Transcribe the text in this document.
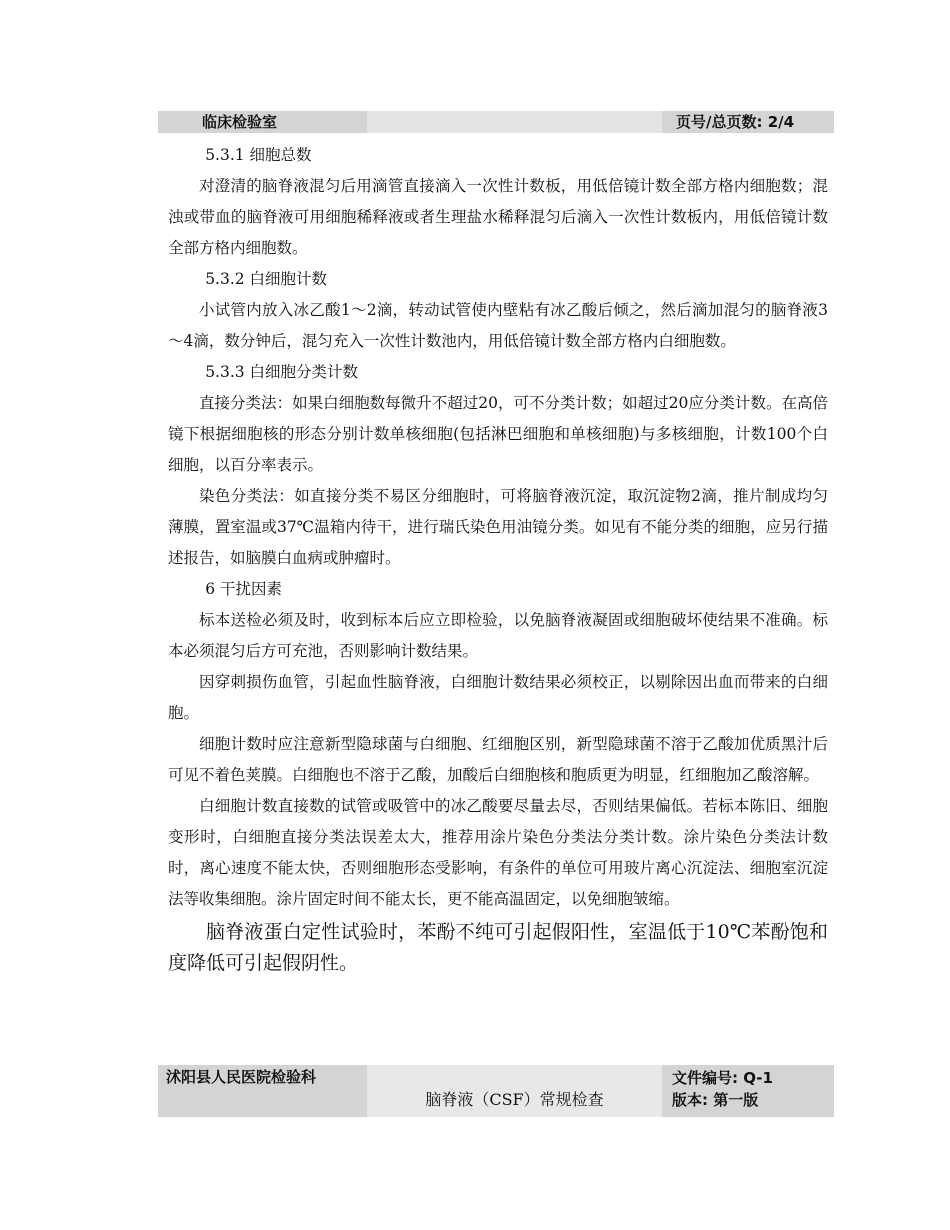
临床检验室	页号/总页数: 2/4

5.3.1 细胞总数

对澄清的脑脊液混匀后用滴管直接滴入一次性计数板，用低倍镜计数全部方格内细胞数；混浊或带血的脑脊液可用细胞稀释液或者生理盐水稀释混匀后滴入一次性计数板内，用低倍镜计数全部方格内细胞数。

5.3.2 白细胞计数

小试管内放入冰乙酸1～2滴，转动试管使内壁粘有冰乙酸后倾之，然后滴加混匀的脑脊液3～4滴，数分钟后，混匀充入一次性计数池内，用低倍镜计数全部方格内白细胞数。

5.3.3 白细胞分类计数

直接分类法：如果白细胞数每微升不超过20，可不分类计数；如超过20应分类计数。在高倍镜下根据细胞核的形态分别计数单核细胞(包括淋巴细胞和单核细胞)与多核细胞，计数100个白细胞，以百分率表示。

染色分类法：如直接分类不易区分细胞时，可将脑脊液沉淀，取沉淀物2滴，推片制成均匀薄膜，置室温或37℃温箱内待干，进行瑞氏染色用油镜分类。如见有不能分类的细胞，应另行描述报告，如脑膜白血病或肿瘤时。

6 干扰因素

标本送检必须及时，收到标本后应立即检验，以免脑脊液凝固或细胞破坏使结果不准确。标本必须混匀后方可充池，否则影响计数结果。

因穿刺损伤血管，引起血性脑脊液，白细胞计数结果必须校正，以剔除因出血而带来的白细胞。

细胞计数时应注意新型隐球菌与白细胞、红细胞区别，新型隐球菌不溶于乙酸加优质黑汁后可见不着色荚膜。白细胞也不溶于乙酸，加酸后白细胞核和胞质更为明显，红细胞加乙酸溶解。

白细胞计数直接数的试管或吸管中的冰乙酸要尽量去尽，否则结果偏低。若标本陈旧、细胞变形时，白细胞直接分类法误差太大，推荐用涂片染色分类法分类计数。涂片染色分类法计数时，离心速度不能太快，否则细胞形态受影响，有条件的单位可用玻片离心沉淀法、细胞室沉淀法等收集细胞。涂片固定时间不能太长，更不能高温固定，以免细胞皱缩。

脑脊液蛋白定性试验时，苯酚不纯可引起假阳性，室温低于10℃苯酚饱和度降低可引起假阴性。

沭阳县人民医院检验科
脑脊液（CSF）常规检查
文件编号: Q-1
版本: 第一版
